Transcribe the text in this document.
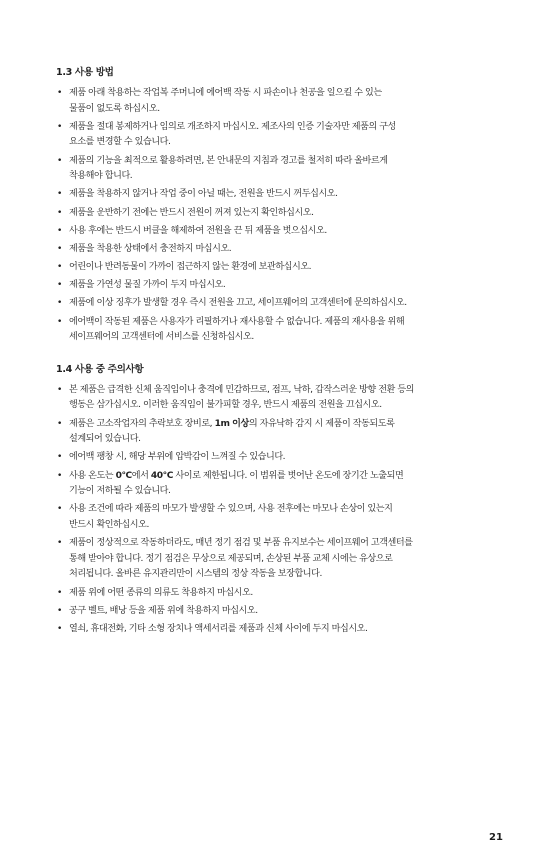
1.3 사용 방법
• 제품 아래 착용하는 작업복 주머니에 에어백 작동 시 파손이나 천공을 일으킬 수 있는
물품이 없도록 하십시오.
• 제품을 절대 봉제하거나 임의로 개조하지 마십시오. 제조사의 인증 기술자만 제품의 구성
요소를 변경할 수 있습니다.
• 제품의 기능을 최적으로 활용하려면, 본 안내문의 지침과 경고를 철저히 따라 올바르게
착용해야 합니다.
• 제품을 착용하지 않거나 작업 중이 아닐 때는, 전원을 반드시 꺼두십시오.
• 제품을 운반하기 전에는 반드시 전원이 꺼져 있는지 확인하십시오.
• 사용 후에는 반드시 버클을 해제하여 전원을 끈 뒤 제품을 벗으십시오.
• 제품을 착용한 상태에서 충전하지 마십시오.
• 어린이나 반려동물이 가까이 접근하지 않는 환경에 보관하십시오.
• 제품을 가연성 물질 가까이 두지 마십시오.
• 제품에 이상 징후가 발생할 경우 즉시 전원을 끄고, 세이프웨어의 고객센터에 문의하십시오.
• 에어백이 작동된 제품은 사용자가 리필하거나 재사용할 수 없습니다. 제품의 재사용을 위해
세이프웨어의 고객센터에 서비스를 신청하십시오.
1.4 사용 중 주의사항
• 본 제품은 급격한 신체 움직임이나 충격에 민감하므로, 점프, 낙하, 갑작스러운 방향 전환 등의
행동은 삼가십시오. 이러한 움직임이 불가피할 경우, 반드시 제품의 전원을 끄십시오.
• 제품은 고소작업자의 추락보호 장비로, 1m 이상의 자유낙하 감지 시 제품이 작동되도록
설계되어 있습니다.
• 에어백 팽창 시, 해당 부위에 압박감이 느껴질 수 있습니다.
• 사용 온도는 0°C에서 40°C 사이로 제한됩니다. 이 범위를 벗어난 온도에 장기간 노출되면
기능이 저하될 수 있습니다.
• 사용 조건에 따라 제품의 마모가 발생할 수 있으며, 사용 전후에는 마모나 손상이 있는지
반드시 확인하십시오.
• 제품이 정상적으로 작동하더라도, 매년 정기 점검 및 부품 유지보수는 세이프웨어 고객센터를
통해 받아야 합니다. 정기 점검은 무상으로 제공되며, 손상된 부품 교체 시에는 유상으로
처리됩니다. 올바른 유지관리만이 시스템의 정상 작동을 보장합니다.
• 제품 위에 어떤 종류의 의류도 착용하지 마십시오.
• 공구 벨트, 배낭 등을 제품 위에 착용하지 마십시오.
• 열쇠, 휴대전화, 기타 소형 장치나 액세서리를 제품과 신체 사이에 두지 마십시오.
21
